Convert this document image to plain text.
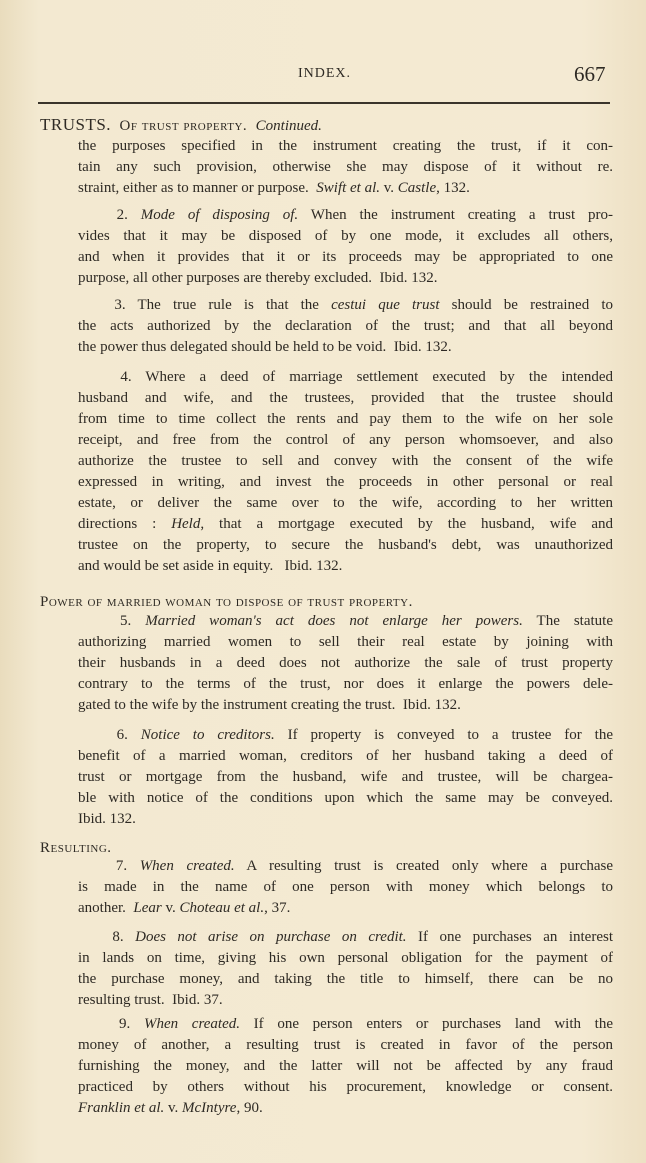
INDEX.	667
TRUSTS.  Of trust property.  Continued.
the purposes specified in the instrument creating the trust, if it con-
tain any such provision, otherwise she may dispose of it without re.
straint, either as to manner or purpose.  Swift et al. v. Castle, 132.
2. Mode of disposing of. When the instrument creating a trust pro-
vides that it may be disposed of by one mode, it excludes all others,
and when it provides that it or its proceeds may be appropriated to one
purpose, all other purposes are thereby excluded.  Ibid. 132.
3. The true rule is that the cestui que trust should be restrained to
the acts authorized by the declaration of the trust; and that all beyond
the power thus delegated should be held to be void.  Ibid. 132.
4. Where a deed of marriage settlement executed by the intended
husband and wife, and the trustees, provided that the trustee should
from time to time collect the rents and pay them to the wife on her sole
receipt, and free from the control of any person whomsoever, and also
authorize the trustee to sell and convey with the consent of the wife
expressed in writing, and invest the proceeds in other personal or real
estate, or deliver the same over to the wife, according to her written
directions : Held, that a mortgage executed by the husband, wife and
trustee on the property, to secure the husband's debt, was unauthorized
and would be set aside in equity.   Ibid. 132.
Power of married woman to dispose of trust property.
5. Married woman's act does not enlarge her powers. The statute
authorizing married women to sell their real estate by joining with
their husbands in a deed does not authorize the sale of trust property
contrary to the terms of the trust, nor does it enlarge the powers dele-
gated to the wife by the instrument creating the trust.  Ibid. 132.
6. Notice to creditors. If property is conveyed to a trustee for the
benefit of a married woman, creditors of her husband taking a deed of
trust or mortgage from the husband, wife and trustee, will be chargea-
ble with notice of the conditions upon which the same may be conveyed.
Ibid. 132.
Resulting.
7. When created. A resulting trust is created only where a purchase
is made in the name of one person with money which belongs to
another.  Lear v. Choteau et al., 37.
8. Does not arise on purchase on credit. If one purchases an interest
in lands on time, giving his own personal obligation for the payment of
the purchase money, and taking the title to himself, there can be no
resulting trust.  Ibid. 37.
9. When created. If one person enters or purchases land with the
money of another, a resulting trust is created in favor of the person
furnishing the money, and the latter will not be affected by any fraud
practiced by others without his procurement, knowledge or consent.
Franklin et al. v. McIntyre, 90.
